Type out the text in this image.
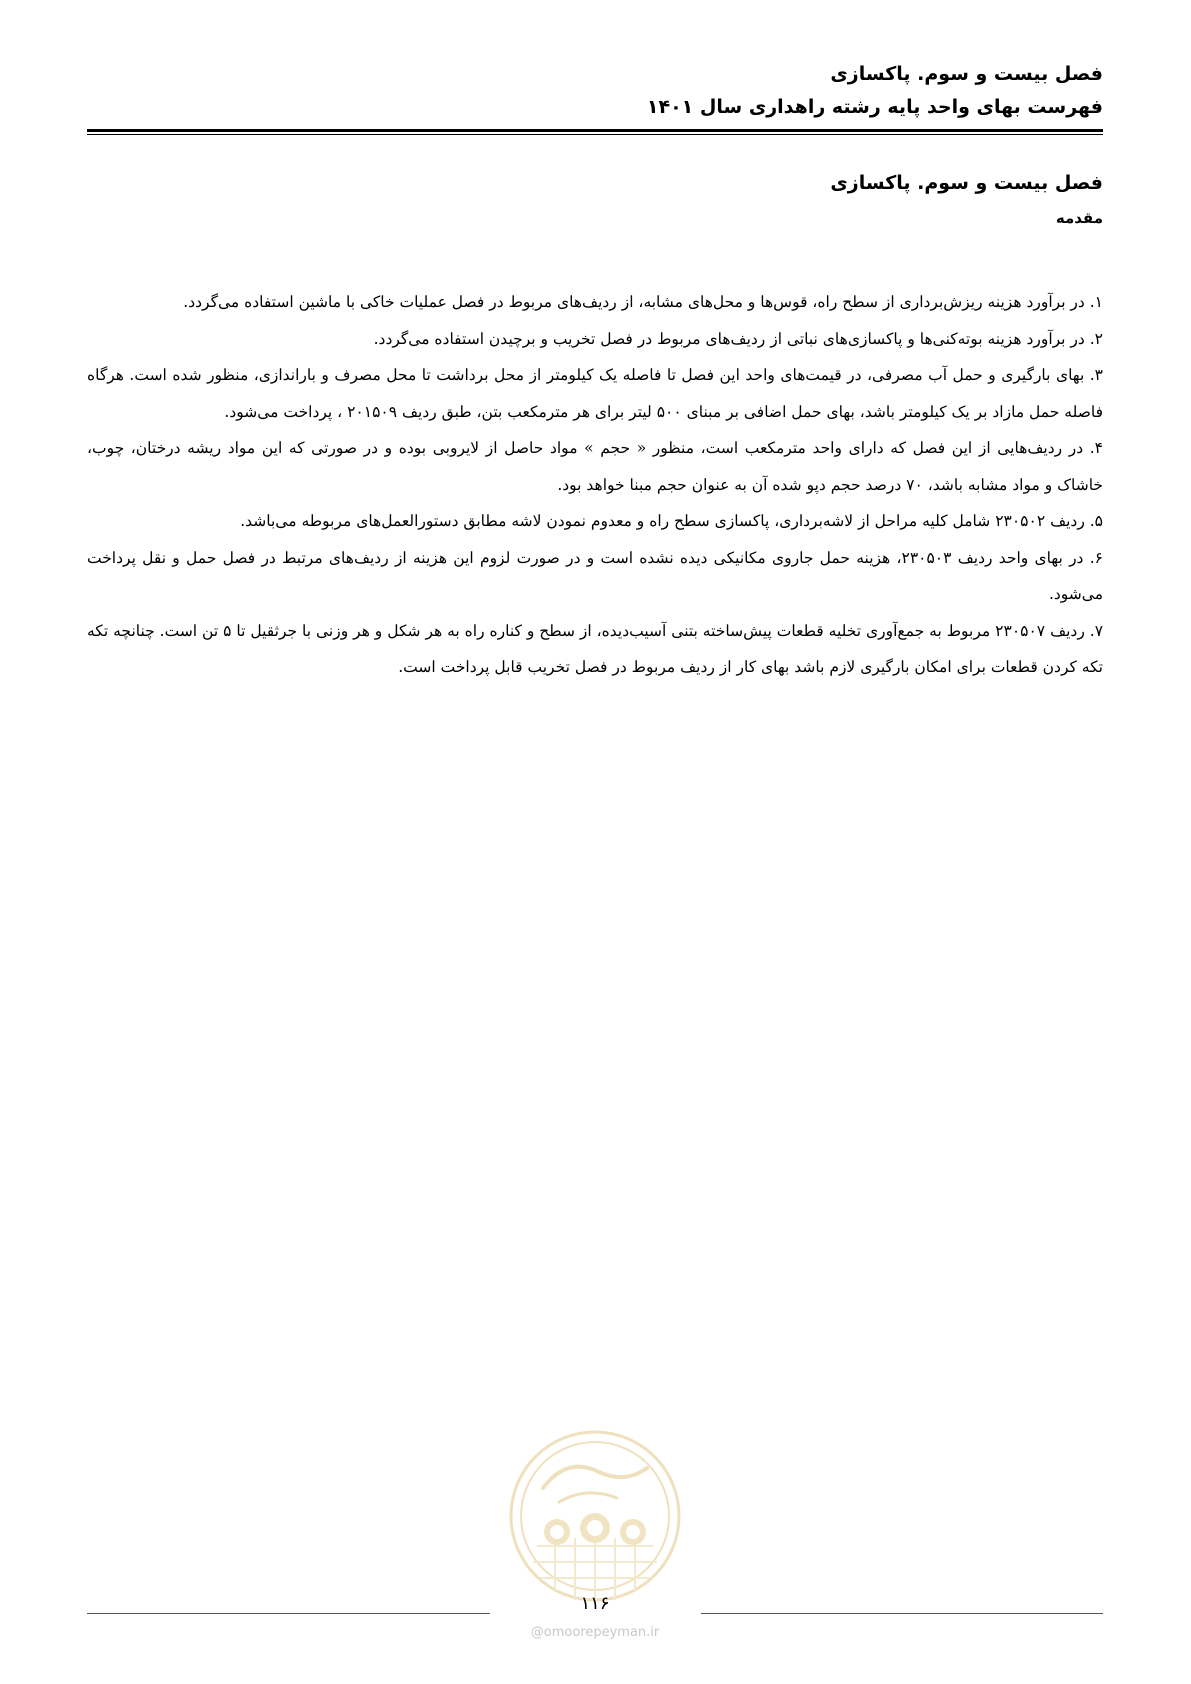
فصل بیست و سوم. پاکسازی
فهرست بهای واحد پایه رشته راهداری سال ۱۴۰۱
فصل بیست و سوم. پاکسازی
مقدمه

۱. در برآورد هزینه ریزش‌برداری از سطح راه، قوس‌ها و محل‌های مشابه، از ردیف‌های مربوط در فصل عملیات خاکی با ماشین استفاده می‌گردد.

۲. در برآورد هزینه بوته‌کنی‌ها و پاکسازی‌های نباتی از ردیف‌های مربوط در فصل تخریب و برچیدن استفاده می‌گردد.

۳. بهای بارگیری و حمل آب مصرفی، در قیمت‌های واحد این فصل تا فاصله یک کیلومتر از محل برداشت تا محل مصرف و باراندازی، منظور شده است. هرگاه فاصله حمل مازاد بر یک کیلومتر باشد، بهای حمل اضافی بر مبنای ۵۰۰ لیتر برای هر مترمکعب بتن، طبق ردیف ۲۰۱۵۰۹ ، پرداخت می‌شود.

۴. در ردیف‌هایی از این فصل که دارای واحد مترمکعب است، منظور « حجم » مواد حاصل از لایروبی بوده و در صورتی که این مواد ریشه درختان، چوب، خاشاک و مواد مشابه باشد، ۷۰ درصد حجم دپو شده آن به عنوان حجم مبنا خواهد بود.

۵. ردیف ۲۳۰۵۰۲ شامل کلیه مراحل از لاشه‌برداری، پاکسازی سطح راه و معدوم نمودن لاشه مطابق دستورالعمل‌های مربوطه می‌باشد.

۶. در بهای واحد ردیف ۲۳۰۵۰۳، هزینه حمل جاروی مکانیکی دیده نشده است و در صورت لزوم این هزینه از ردیف‌های مرتبط در فصل حمل و نقل پرداخت می‌شود.

۷. ردیف ۲۳۰۵۰۷ مربوط به جمع‌آوری تخلیه قطعات پیش‌ساخته بتنی آسیب‌دیده، از سطح و کناره راه به هر شکل و هر وزنی با جرثقیل تا ۵ تن است. چنانچه تکه تکه کردن قطعات برای امکان بارگیری لازم باشد بهای کار از ردیف مربوط در فصل تخریب قابل پرداخت است.

۱۱۶
@omoorepeyman.ir
